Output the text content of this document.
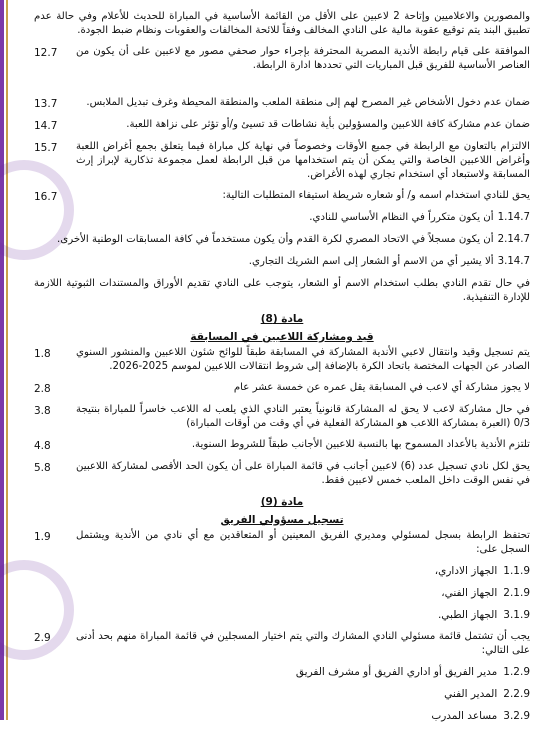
والمصورين والاعلاميين وإتاحة 2 لاعبين على الأقل من القائمة الأساسية في المباراة للحديث للأعلام وفي حالة عدم تطبيق البند يتم توقيع عقوبة مالية على النادي المخالف وفقاً للائحة المخالفات والعقوبات ونظام ضبط الجودة.
الموافقة على قيام رابطة الأندية المصرية المحترفة بإجراء حوار صحفي مصور مع لاعبين على أن يكون من العناصر الأساسية للفريق قبل المباريات التي تحددها ادارة الرابطة.
12.7
ضمان عدم دخول الأشخاص غير المصرح لهم إلى منطقة الملعب والمنطقة المحيطة وغرف تبديل الملابس.
13.7
ضمان عدم مشاركة كافة اللاعبين والمسؤولين بأية نشاطات قد تسيئ و/أو تؤثر على نزاهة اللعبة.
14.7
الالتزام بالتعاون مع الرابطة في جميع الأوقات وخصوصاً في نهاية كل مباراة فيما يتعلق بجمع أغراض اللعبة وأغراض اللاعبين الخاصة والتي يمكن أن يتم استخدامها من قبل الرابطة لعمل مجموعة تذكارية لإبراز إرث المسابقة ولاستبعاد أي استخدام تجاري لهذه الأغراض.
15.7
يحق للنادي استخدام اسمه و/ أو شعاره شريطة استيفاء المتطلبات التالية:
16.7
1.14.7
أن يكون متكرراً في النظام الأساسي للنادي.
2.14.7
أن يكون مسجلاً في الاتحاد المصري لكرة القدم وأن يكون مستخدماً في كافة المسابقات الوطنية الأخرى.
3.14.7
ألا يشير أي من الاسم أو الشعار إلى اسم الشريك التجاري.
في حال تقدم النادي بطلب استخدام الاسم أو الشعار، يتوجب على النادي تقديم الأوراق والمستندات الثبوتية اللازمة للإدارة التنفيذية.
مادة (8)
قيد ومشاركة اللاعبين في المسابقة
يتم تسجيل وقيد وانتقال لاعبي الأندية المشاركة في المسابقة طبقاً للوائح شئون اللاعبين والمنشور السنوي الصادر عن الجهات المختصة باتحاد الكرة بالإضافة إلى شروط انتقالات اللاعبين لموسم 2025-2026.
1.8
لا يجوز مشاركة أي لاعب في المسابقة يقل عمره عن خمسة عشر عام
2.8
في حال مشاركة لاعب لا يحق له المشاركة قانونياً يعتبر النادي الذي يلعب له اللاعب خاسراً للمباراة بنتيجة 0/3 (العبرة بمشاركة اللاعب هو المشاركة الفعلية في أي وقت من أوقات المباراة)
3.8
تلتزم الأندية بالأعداد المسموح بها بالنسبة للاعبين الأجانب طبقاً للشروط السنوية.
4.8
يحق لكل نادي تسجيل عدد (6) لاعبين أجانب في قائمة المباراة على أن يكون الحد الأقصى لمشاركة اللاعبين في نفس الوقت داخل الملعب خمس لاعبين فقط.
5.8
مادة (9)
تسجيل مسؤولي الفريق
تحتفظ الرابطة بسجل لمسئولي ومديري الفريق المعينين أو المتعاقدين مع أي نادي من الأندية ويشتمل السجل على:
1.9
1.1.9
الجهاز الاداري،
2.1.9
الجهاز الفني،
3.1.9
الجهاز الطبي.
يجب أن تشتمل قائمة مسئولي النادي المشارك والتي يتم اختيار المسجلين في قائمة المباراة منهم بحد أدنى على التالي:
2.9
1.2.9
مدير الفريق أو اداري الفريق أو مشرف الفريق
2.2.9
المدير الفني
3.2.9
مساعد المدرب
